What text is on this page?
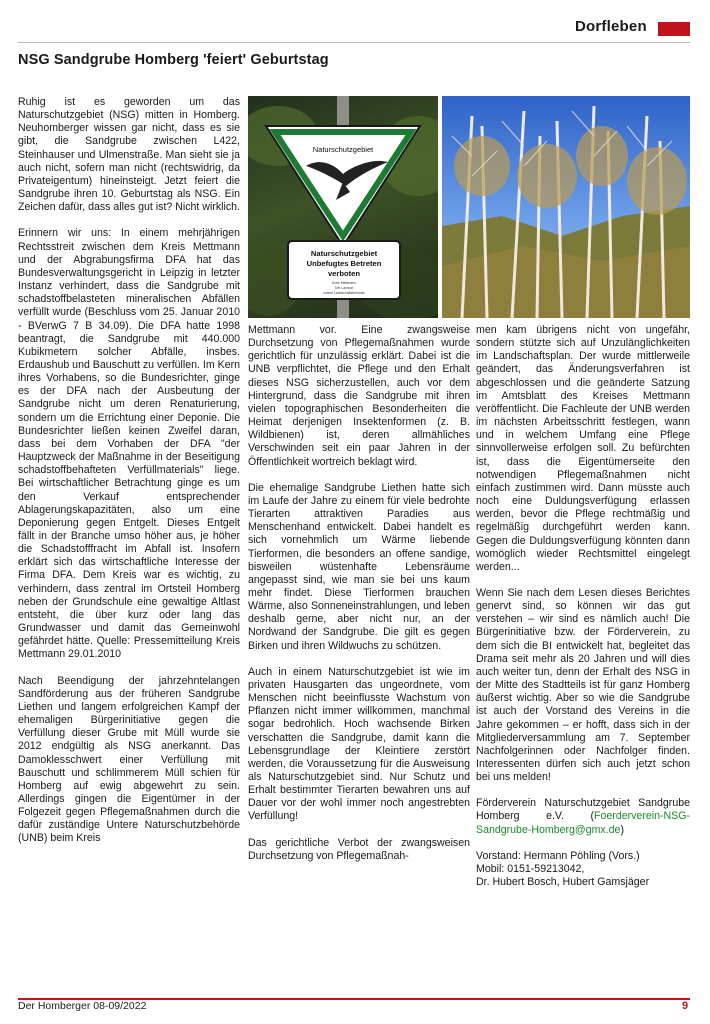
Dorfleben
NSG Sandgrube Homberg 'feiert' Geburtstag

Ruhig ist es geworden um das Naturschutzgebiet (NSG) mitten in Homberg. Neuhomberger wissen gar nicht, dass es sie gibt, die Sandgrube zwischen L422, Steinhauser und Ulmenstraße. Man sieht sie ja auch nicht, sofern man nicht (rechtswidrig, da Privateigentum) hineinsteigt. Jetzt feiert die Sandgrube ihren 10. Geburtstag als NSG. Ein Zeichen dafür, dass alles gut ist? Nicht wirklich.

Erinnern wir uns: In einem mehrjährigen Rechtsstreit zwischen dem Kreis Mettmann und der Abgrabungsfirma DFA hat das Bundesverwaltungsgericht in Leipzig in letzter Instanz verhindert, dass die Sandgrube mit schadstoffbelasteten mineralischen Abfällen verfüllt wurde (Beschluss vom 25. Januar 2010 - BVerwG 7 B 34.09). Die DFA hatte 1998 beantragt, die Sandgrube mit 440.000 Kubikmetern solcher Abfälle, insbes. Erdaushub und Bauschutt zu verfüllen. Im Kern ihres Vorhabens, so die Bundesrichter, ginge es der DFA nach der Ausbeutung der Sandgrube nicht um deren Renaturierung, sondern um die Errichtung einer Deponie. Die Bundesrichter ließen keinen Zweifel daran, dass bei dem Vorhaben der DFA "der Hauptzweck der Maßnahme in der Beseitigung schadstoffbehafteten Verfüllmaterials" liege. Bei wirtschaftlicher Betrachtung ginge es um den Verkauf entsprechender Ablagerungskapazitäten, also um eine Deponierung gegen Entgelt. Dieses Entgelt fällt in der Branche umso höher aus, je höher die Schadstofffracht im Abfall ist. Insofern erklärt sich das wirtschaftliche Interesse der Firma DFA. Dem Kreis war es wichtig, zu verhindern, dass zentral im Ortsteil Homberg neben der Grundschule eine gewaltige Altlast entsteht, die über kurz oder lang das Grundwasser und damit das Gemeinwohl gefährdet hätte. Quelle: Pressemitteilung Kreis Mettmann 29.01.2010

Nach Beendigung der jahrzehntelangen Sandförderung aus der früheren Sandgrube Liethen und langem erfolgreichen Kampf der ehemaligen Bürgerinitiative gegen die Verfüllung dieser Grube mit Müll wurde sie 2012 endgültig als NSG anerkannt. Das Damoklesschwert einer Verfüllung mit Bauschutt und schlimmerem Müll schien für Homberg auf ewig abgewehrt zu sein. Allerdings gingen die Eigentümer in der Folgezeit gegen Pflegemaßnahmen durch die dafür zuständige Untere Naturschutzbehörde (UNB) beim Kreis

Naturschutzgebiet
Naturschutzgebiet
Unbefugtes Betreten
verboten
Kreis Mettmann
Der Landrat
untere Landschaftsbehörde

Mettmann vor. Eine zwangsweise Durchsetzung von Pflegemaßnahmen wurde gerichtlich für unzulässig erklärt. Dabei ist die UNB verpflichtet, die Pflege und den Erhalt dieses NSG sicherzustellen, auch vor dem Hintergrund, dass die Sandgrube mit ihren vielen topographischen Besonderheiten die Heimat derjenigen Insektenformen (z. B. Wildbienen) ist, deren allmähliches Verschwinden seit ein paar Jahren in der Öffentlichkeit wortreich beklagt wird.

Die ehemalige Sandgrube Liethen hatte sich im Laufe der Jahre zu einem für viele bedrohte Tierarten attraktiven Paradies aus Menschenhand entwickelt. Dabei handelt es sich vornehmlich um Wärme liebende Tierformen, die besonders an offene sandige, bisweilen wüstenhafte Lebensräume angepasst sind, wie man sie bei uns kaum mehr findet. Diese Tierformen brauchen Wärme, also Sonneneinstrahlungen, und leben deshalb gerne, aber nicht nur, an der Nordwand der Sandgrube. Die gilt es gegen Birken und ihren Wildwuchs zu schützen.

Auch in einem Naturschutzgebiet ist wie im privaten Hausgarten das ungeordnete, vom Menschen nicht beeinflusste Wachstum von Pflanzen nicht immer willkommen, manchmal sogar bedrohlich. Hoch wachsende Birken verschatten die Sandgrube, damit kann die Lebensgrundlage der Kleintiere zerstört werden, die Voraussetzung für die Ausweisung als Naturschutzgebiet sind. Nur Schutz und Erhalt bestimmter Tierarten bewahren uns auf Dauer vor der wohl immer noch angestrebten Verfüllung!

Das gerichtliche Verbot der zwangsweisen Durchsetzung von Pflegemaßnah-

men kam übrigens nicht von ungefähr, sondern stützte sich auf Unzulänglichkeiten im Landschaftsplan. Der wurde mittlerweile geändert, das Änderungsverfahren ist abgeschlossen und die geänderte Satzung im Amtsblatt des Kreises Mettmann veröffentlicht. Die Fachleute der UNB werden im nächsten Arbeitsschritt festlegen, wann und in welchem Umfang eine Pflege sinnvollerweise erfolgen soll. Zu befürchten ist, dass die Eigentümerseite den notwendigen Pflegemaßnahmen nicht einfach zustimmen wird. Dann müsste auch noch eine Duldungsverfügung erlassen werden, bevor die Pflege rechtmäßig und regelmäßig durchgeführt werden kann. Gegen die Duldungsverfügung könnten dann womöglich wieder Rechtsmittel eingelegt werden...

Wenn Sie nach dem Lesen dieses Berichtes genervt sind, so können wir das gut verstehen – wir sind es nämlich auch! Die Bürgerinitiative bzw. der Förderverein, zu dem sich die BI entwickelt hat, begleitet das Drama seit mehr als 20 Jahren und will dies auch weiter tun, denn der Erhalt des NSG in der Mitte des Stadtteils ist für ganz Homberg äußerst wichtig. Aber so wie die Sandgrube ist auch der Vorstand des Vereins in die Jahre gekommen – er hofft, dass sich in der Mitgliederversammlung am 7. September Nachfolgerinnen oder Nachfolger finden. Interessenten dürfen sich auch jetzt schon bei uns melden!

Förderverein Naturschutzgebiet Sandgrube Homberg e.V. (Foerderverein-NSG-Sandgrube-Homberg@gmx.de)

Vorstand: Hermann Pöhling (Vors.)
Mobil: 0151-59213042,
Dr. Hubert Bosch, Hubert Gamsjäger
Der Homberger 08-09/2022	9
